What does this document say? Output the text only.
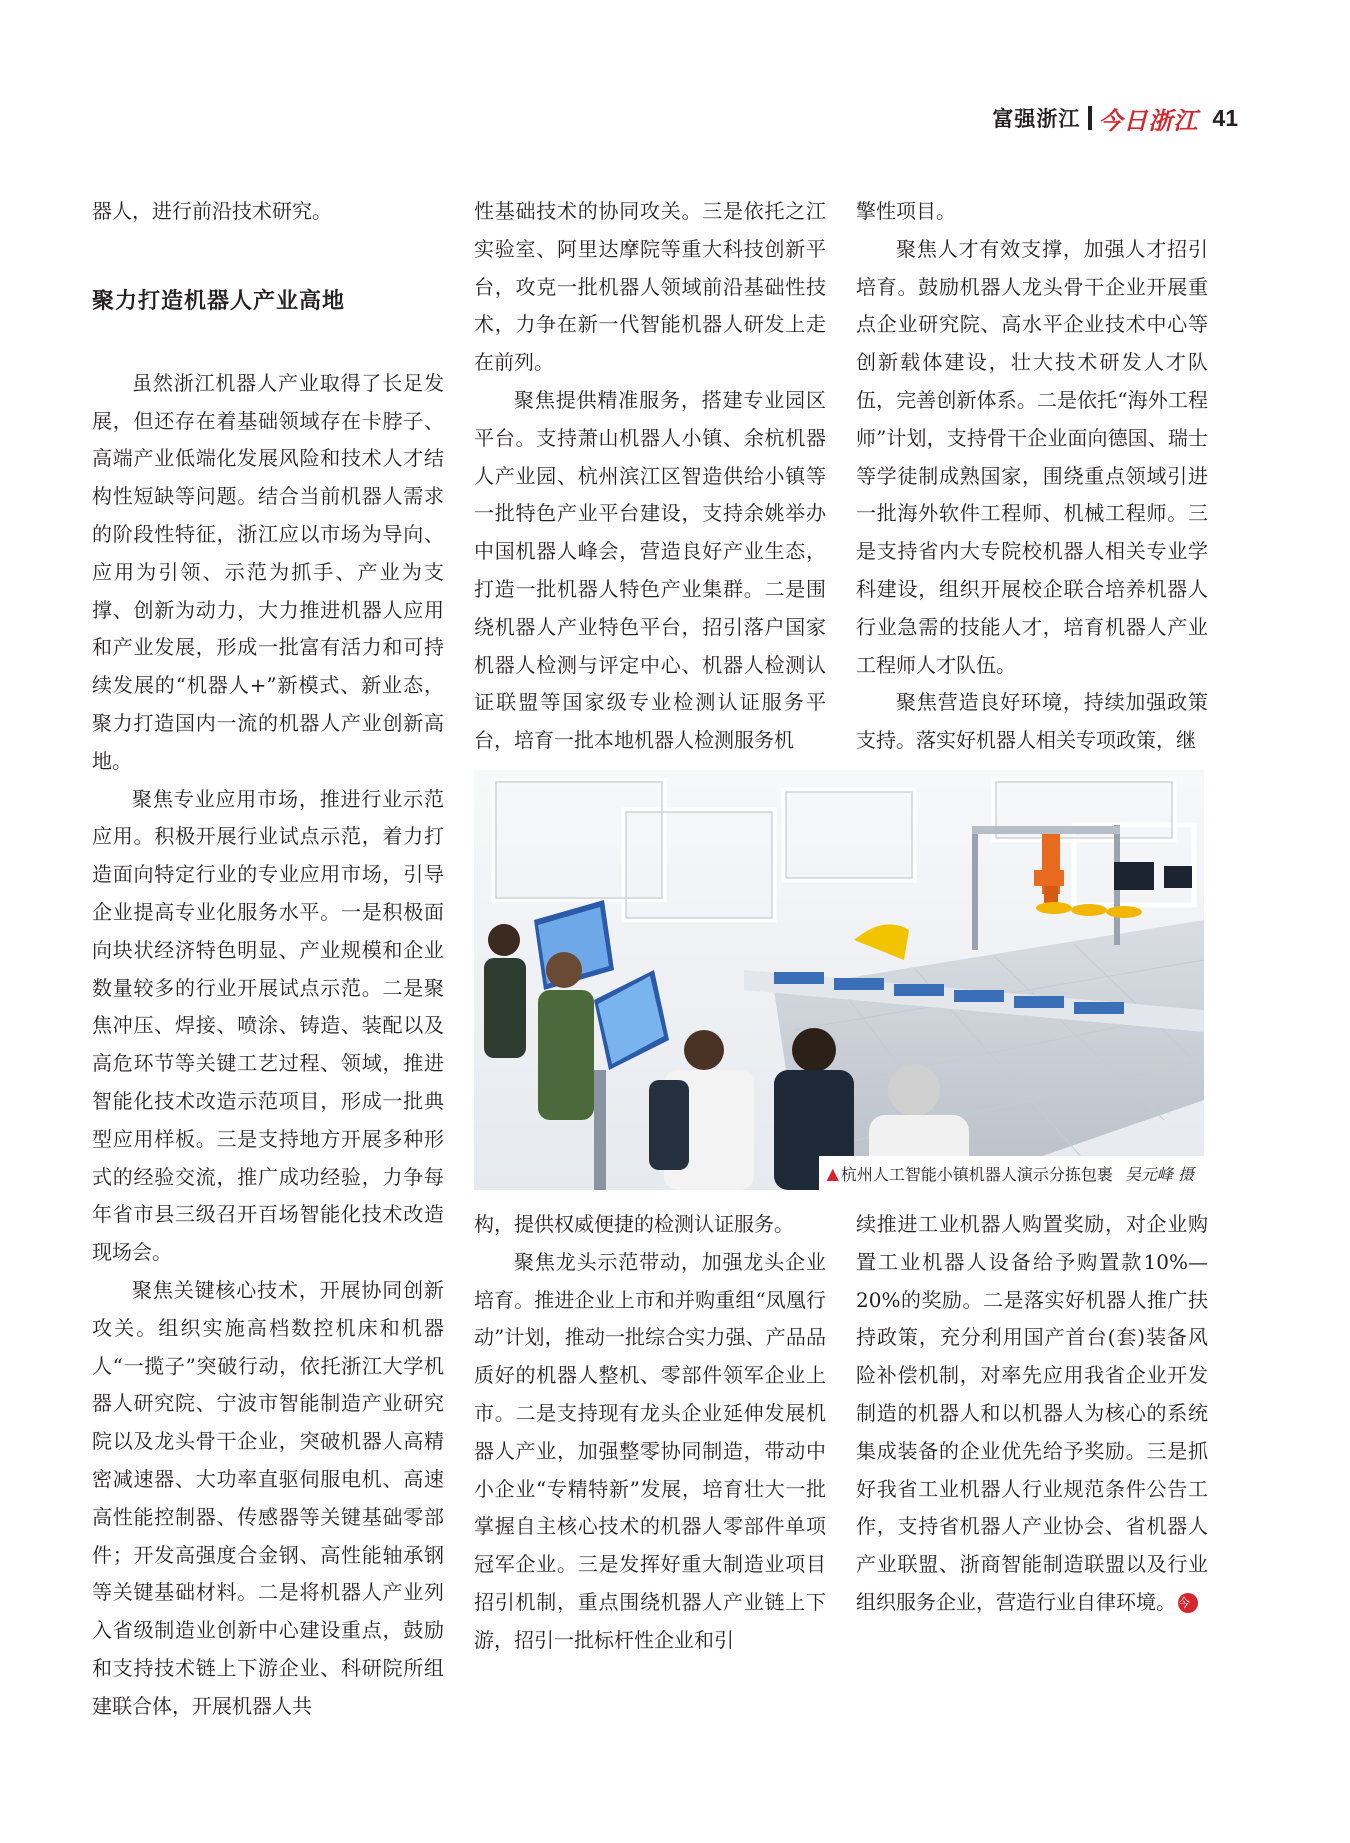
富强浙江 今日浙江 41

器人，进行前沿技术研究。

聚力打造机器人产业高地

虽然浙江机器人产业取得了长足发展，但还存在着基础领域存在卡脖子、高端产业低端化发展风险和技术人才结构性短缺等问题。结合当前机器人需求的阶段性特征，浙江应以市场为导向、应用为引领、示范为抓手、产业为支撑、创新为动力，大力推进机器人应用和产业发展，形成一批富有活力和可持续发展的“机器人+”新模式、新业态，聚力打造国内一流的机器人产业创新高地。

聚焦专业应用市场，推进行业示范应用。积极开展行业试点示范，着力打造面向特定行业的专业应用市场，引导企业提高专业化服务水平。一是积极面向块状经济特色明显、产业规模和企业数量较多的行业开展试点示范。二是聚焦冲压、焊接、喷涂、铸造、装配以及高危环节等关键工艺过程、领域，推进智能化技术改造示范项目，形成一批典型应用样板。三是支持地方开展多种形式的经验交流，推广成功经验，力争每年省市县三级召开百场智能化技术改造现场会。

聚焦关键核心技术，开展协同创新攻关。组织实施高档数控机床和机器人“一揽子”突破行动，依托浙江大学机器人研究院、宁波市智能制造产业研究院以及龙头骨干企业，突破机器人高精密减速器、大功率直驱伺服电机、高速高性能控制器、传感器等关键基础零部件；开发高强度合金钢、高性能轴承钢等关键基础材料。二是将机器人产业列入省级制造业创新中心建设重点，鼓励和支持技术链上下游企业、科研院所组建联合体，开展机器人共

性基础技术的协同攻关。三是依托之江实验室、阿里达摩院等重大科技创新平台，攻克一批机器人领域前沿基础性技术，力争在新一代智能机器人研发上走在前列。

聚焦提供精准服务，搭建专业园区平台。支持萧山机器人小镇、余杭机器人产业园、杭州滨江区智造供给小镇等一批特色产业平台建设，支持余姚举办中国机器人峰会，营造良好产业生态，打造一批机器人特色产业集群。二是围绕机器人产业特色平台，招引落户国家机器人检测与评定中心、机器人检测认证联盟等国家级专业检测认证服务平台，培育一批本地机器人检测服务机

擎性项目。

聚焦人才有效支撑，加强人才招引培育。鼓励机器人龙头骨干企业开展重点企业研究院、高水平企业技术中心等创新载体建设，壮大技术研发人才队伍，完善创新体系。二是依托“海外工程师”计划，支持骨干企业面向德国、瑞士等学徒制成熟国家，围绕重点领域引进一批海外软件工程师、机械工程师。三是支持省内大专院校机器人相关专业学科建设，组织开展校企联合培养机器人行业急需的技能人才，培育机器人产业工程师人才队伍。

聚焦营造良好环境，持续加强政策支持。落实好机器人相关专项政策，继

▲ 杭州人工智能小镇机器人演示分拣包裹 吴元峰 摄

构，提供权威便捷的检测认证服务。

聚焦龙头示范带动，加强龙头企业培育。推进企业上市和并购重组“凤凰行动”计划，推动一批综合实力强、产品品质好的机器人整机、零部件领军企业上市。二是支持现有龙头企业延伸发展机器人产业，加强整零协同制造，带动中小企业“专精特新”发展，培育壮大一批掌握自主核心技术的机器人零部件单项冠军企业。三是发挥好重大制造业项目招引机制，重点围绕机器人产业链上下游，招引一批标杆性企业和引

续推进工业机器人购置奖励，对企业购置工业机器人设备给予购置款10%—20%的奖励。二是落实好机器人推广扶持政策，充分利用国产首台(套)装备风险补偿机制，对率先应用我省企业开发制造的机器人和以机器人为核心的系统集成装备的企业优先给予奖励。三是抓好我省工业机器人行业规范条件公告工作，支持省机器人产业协会、省机器人产业联盟、浙商智能制造联盟以及行业组织服务企业，营造行业自律环境。 今
